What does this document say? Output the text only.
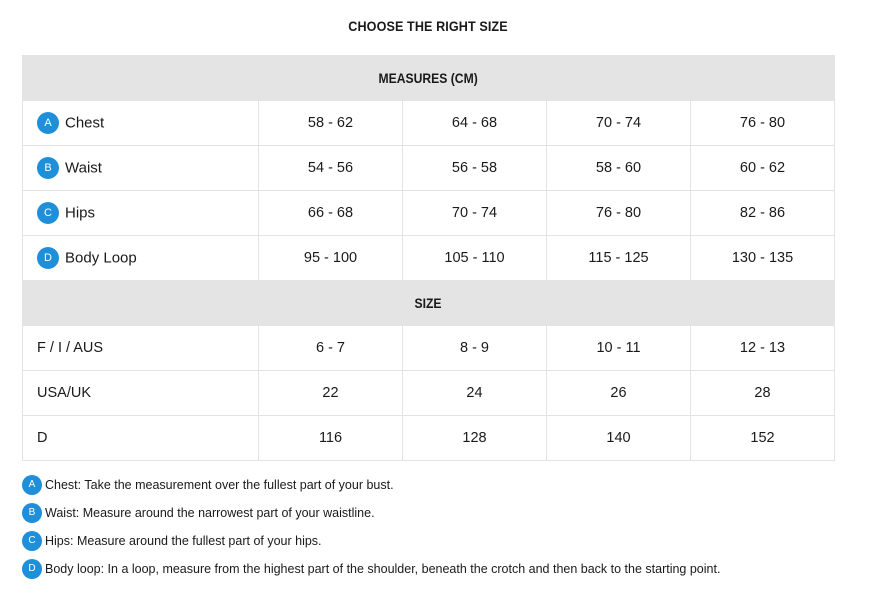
CHOOSE THE RIGHT SIZE
MEASURES (CM)				
A Chest	58 - 62	64 - 68	70 - 74	76 - 80
B Waist	54 - 56	56 - 58	58 - 60	60 - 62
C Hips	66 - 68	70 - 74	76 - 80	82 - 86
D Body Loop	95 - 100	105 - 110	115 - 125	130 - 135
SIZE				
F / I / AUS	6 - 7	8 - 9	10 - 11	12 - 13
USA/UK	22	24	26	28
D	116	128	140	152
A Chest: Take the measurement over the fullest part of your bust.
B Waist: Measure around the narrowest part of your waistline.
C Hips: Measure around the fullest part of your hips.
D Body loop: In a loop, measure from the highest part of the shoulder, beneath the crotch and then back to the starting point.
